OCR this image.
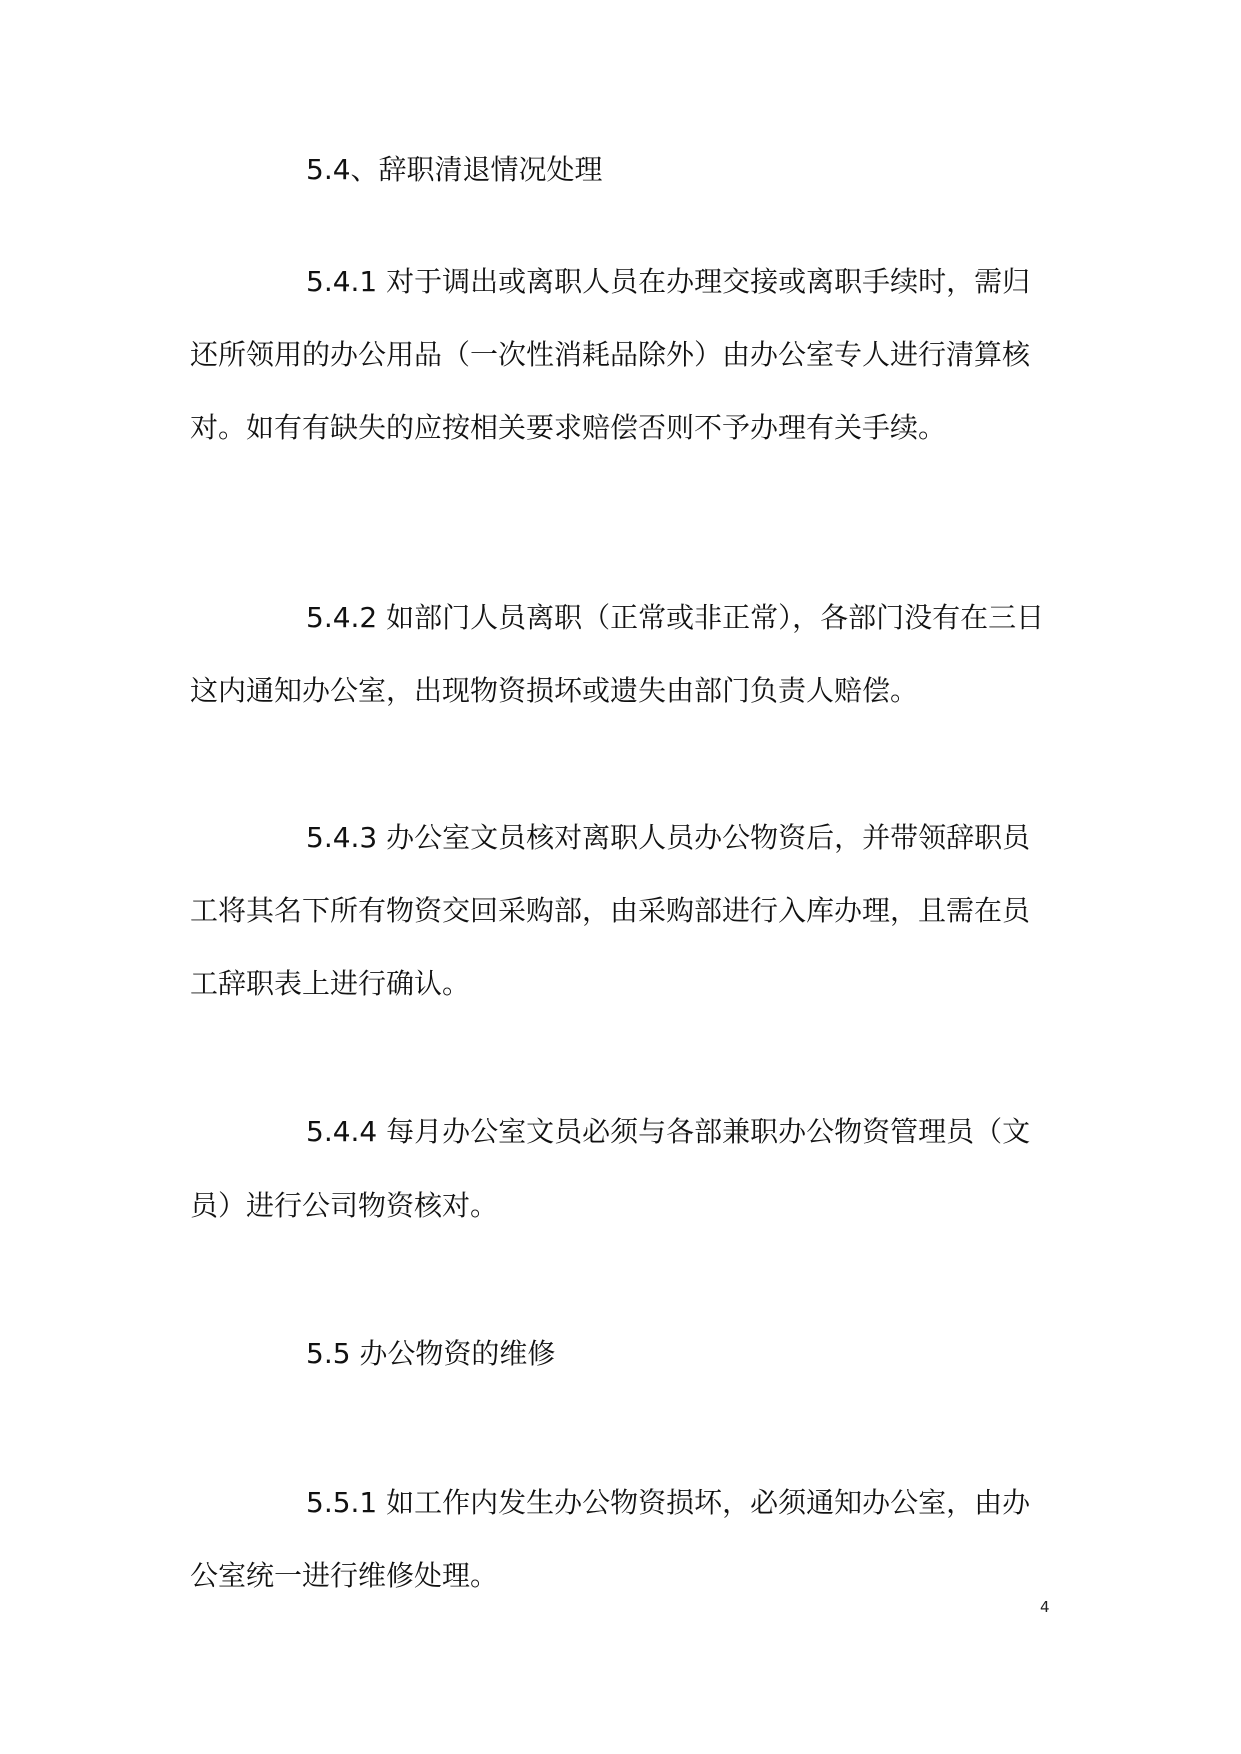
5.4、辞职清退情况处理
5.4.1 对于调出或离职人员在办理交接或离职手续时，需归
还所领用的办公用品（一次性消耗品除外）由办公室专人进行清算核
对。如有有缺失的应按相关要求赔偿否则不予办理有关手续。
5.4.2 如部门人员离职（正常或非正常），各部门没有在三日
这内通知办公室，出现物资损坏或遗失由部门负责人赔偿。
5.4.3 办公室文员核对离职人员办公物资后，并带领辞职员
工将其名下所有物资交回采购部，由采购部进行入库办理，且需在员
工辞职表上进行确认。
5.4.4 每月办公室文员必须与各部兼职办公物资管理员（文
员）进行公司物资核对。
5.5 办公物资的维修
5.5.1 如工作内发生办公物资损坏，必须通知办公室，由办
公室统一进行维修处理。
4
